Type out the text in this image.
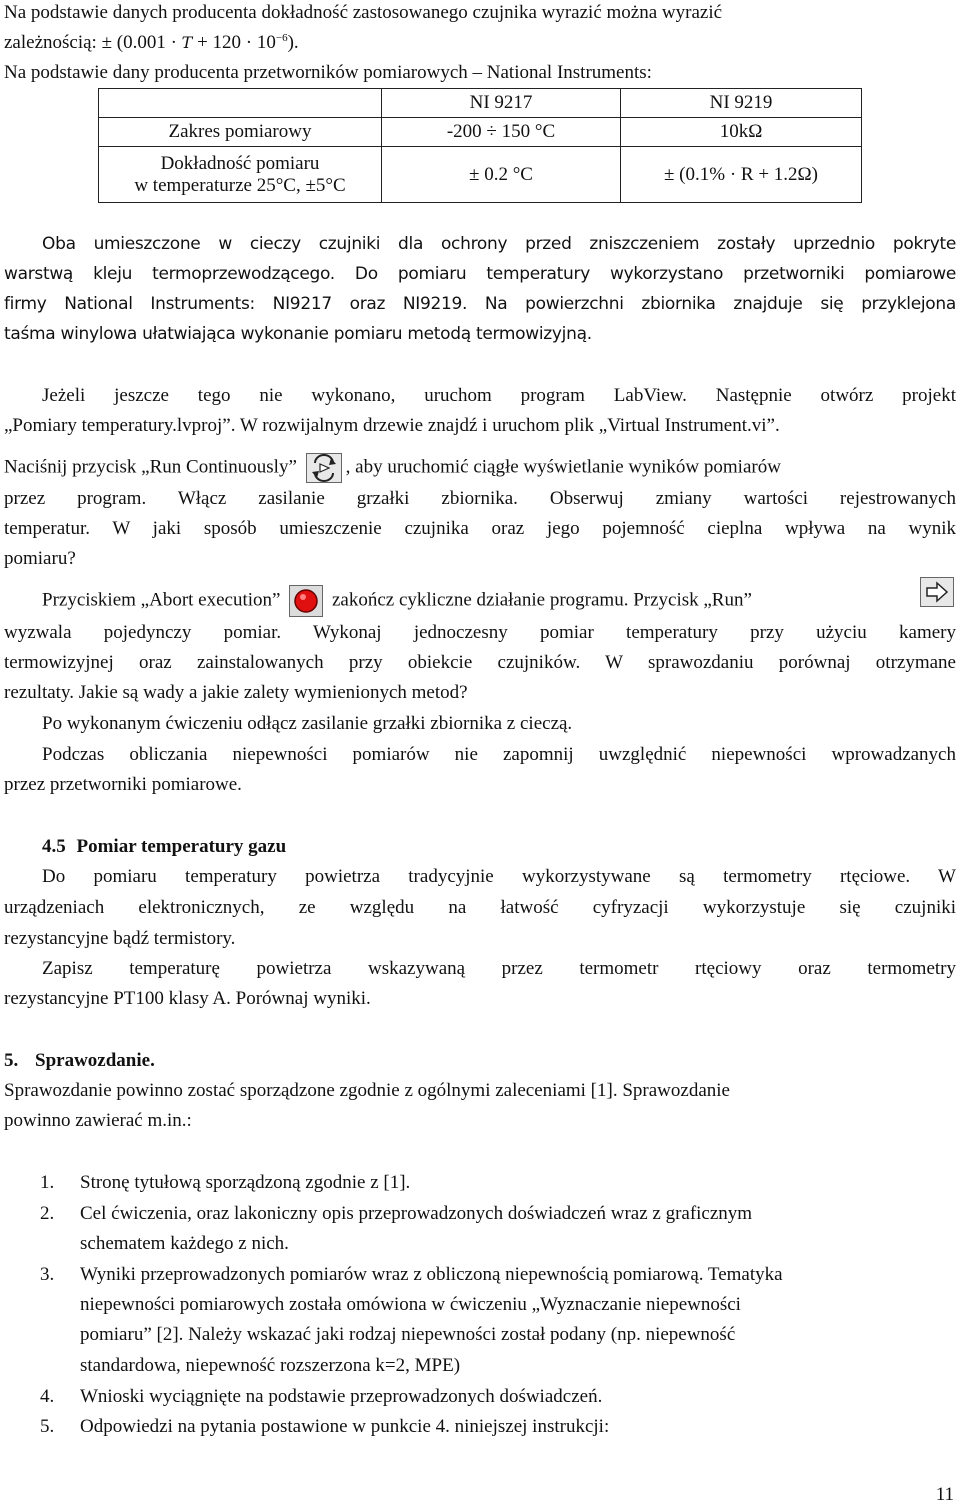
Na podstawie danych producenta dokładność zastosowanego czujnika wyrazić można wyrazić
zależnością: ± $(0.001 \cdot T + 120 \cdot 10^{-6})$.
Na podstawie dany producenta przetworników pomiarowych – National Instruments:
	NI 9217	NI 9219
Zakres pomiarowy	-200 ÷ 150 °C	10kΩ

Dokładność pomiaru
w temperaturze 25°C, ±5°C	± 0.2 °C	± (0.1% · R + 1.2Ω)
Oba umieszczone w cieczy czujniki dla ochrony przed zniszczeniem zostały uprzednio pokryte
warstwą kleju termoprzewodzącego. Do pomiaru temperatury wykorzystano przetworniki pomiarowe
firmy National Instruments: NI9217 oraz NI9219. Na powierzchni zbiornika znajduje się przyklejona
taśma winylowa ułatwiająca wykonanie pomiaru metodą termowizyjną.
Jeżeli jeszcze tego nie wykonano, uruchom program LabView. Następnie otwórz projekt
„Pomiary temperatury.lvproj”. W rozwijalnym drzewie znajdź i uruchom plik „Virtual Instrument.vi”.
Naciśnij przycisk „Run Continuously”	, aby uruchomić ciągłe wyświetlanie wyników pomiarów
przez program. Włącz zasilanie grzałki zbiornika. Obserwuj zmiany wartości rejestrowanych
temperatur. W jaki sposób umieszczenie czujnika oraz jego pojemność cieplna wpływa na wynik
pomiaru?
Przyciskiem „Abort execution”	zakończ cykliczne działanie programu. Przycisk „Run”
wyzwala pojedynczy pomiar. Wykonaj jednoczesny pomiar temperatury przy użyciu kamery
termowizyjnej oraz zainstalowanych przy obiekcie czujników. W sprawozdaniu porównaj otrzymane
rezultaty. Jakie są wady a jakie zalety wymienionych metod?
Po wykonanym ćwiczeniu odłącz zasilanie grzałki zbiornika z cieczą.
Podczas obliczania niepewności pomiarów nie zapomnij uwzględnić niepewności wprowadzanych
przez przetworniki pomiarowe.
4.5 Pomiar temperatury gazu
Do pomiaru temperatury powietrza tradycyjnie wykorzystywane są termometry rtęciowe. W
urządzeniach elektronicznych, ze względu na łatwość cyfryzacji wykorzystuje się czujniki
rezystancyjne bądź termistory.
Zapisz temperaturę powietrza wskazywaną przez termometr rtęciowy oraz termometry
rezystancyjne PT100 klasy A. Porównaj wyniki.
5. Sprawozdanie.
Sprawozdanie powinno zostać sporządzone zgodnie z ogólnymi zaleceniami [1]. Sprawozdanie
powinno zawierać m.in.:
1. Stronę tytułową sporządzoną zgodnie z [1].
2. Cel ćwiczenia, oraz lakoniczny opis przeprowadzonych doświadczeń wraz z graficznym
schematem każdego z nich.
3. Wyniki przeprowadzonych pomiarów wraz z obliczoną niepewnością pomiarową. Tematyka
niepewności pomiarowych została omówiona w ćwiczeniu „Wyznaczanie niepewności
pomiaru” [2]. Należy wskazać jaki rodzaj niepewności został podany (np. niepewność
standardowa, niepewność rozszerzona k=2, MPE)
4. Wnioski wyciągnięte na podstawie przeprowadzonych doświadczeń.
5. Odpowiedzi na pytania postawione w punkcie 4. niniejszej instrukcji:
11
